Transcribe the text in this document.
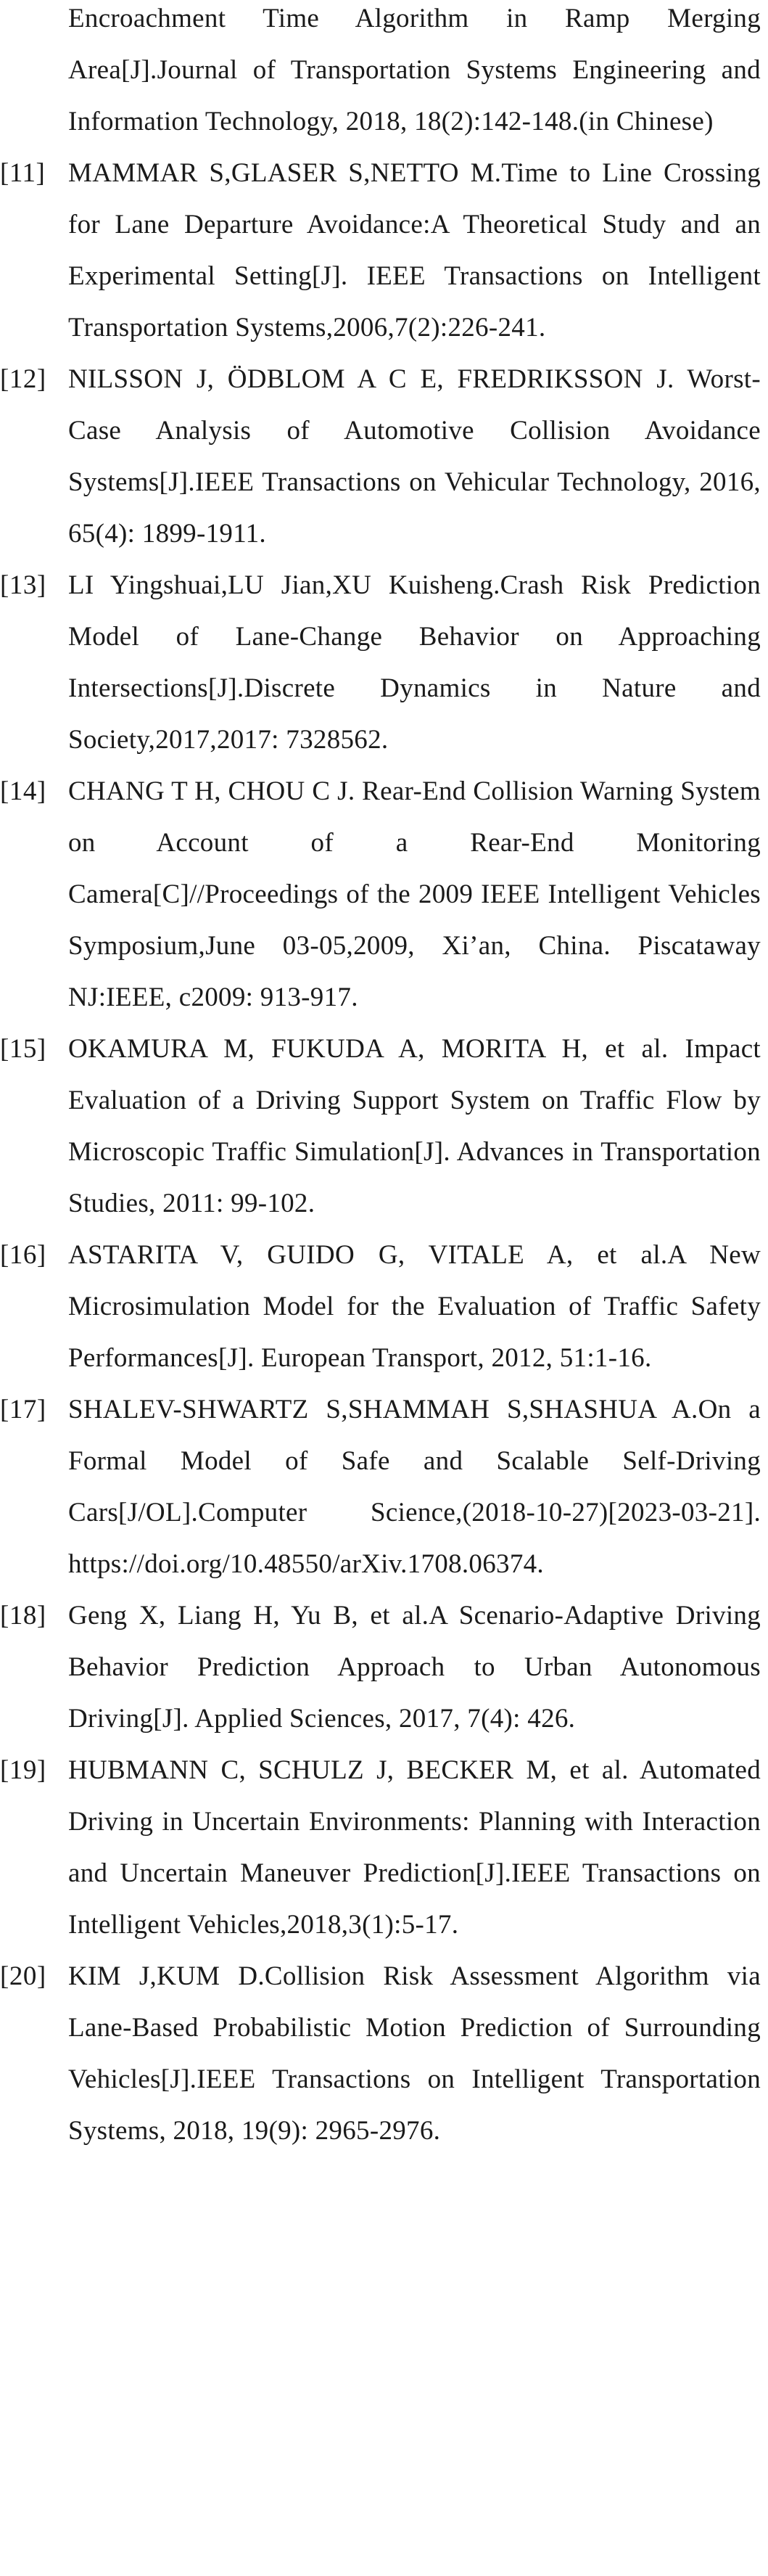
Encroachment Time Algorithm in Ramp Merging Area[J].Journal of Transportation Systems Engineering and Information Technology, 2018, 18(2):142-148.(in Chinese)
[11] MAMMAR S,GLASER S,NETTO M.Time to Line Crossing for Lane Departure Avoidance:A Theoretical Study and an Experimental Setting[J]. IEEE Transactions on Intelligent Transportation Systems,2006,7(2):226-241.
[12] NILSSON J, ÖDBLOM A C E, FREDRIKSSON J. Worst-Case Analysis of Automotive Collision Avoidance Systems[J].IEEE Transactions on Vehicular Technology, 2016, 65(4): 1899-1911.
[13] LI Yingshuai,LU Jian,XU Kuisheng.Crash Risk Prediction Model of Lane-Change Behavior on Approaching Intersections[J].Discrete Dynamics in Nature and Society,2017,2017: 7328562.
[14] CHANG T H, CHOU C J. Rear-End Collision Warning System on Account of a Rear-End Monitoring Camera[C]//Proceedings of the 2009 IEEE Intelligent Vehicles Symposium,June 03-05,2009, Xi’an, China. Piscataway NJ:IEEE, c2009: 913-917.
[15] OKAMURA M, FUKUDA A, MORITA H, et al. Impact Evaluation of a Driving Support System on Traffic Flow by Microscopic Traffic Simulation[J]. Advances in Transportation Studies, 2011: 99-102.
[16] ASTARITA V, GUIDO G, VITALE A, et al.A New Microsimulation Model for the Evaluation of Traffic Safety Performances[J]. European Transport, 2012, 51:1-16.
[17] SHALEV-SHWARTZ S,SHAMMAH S,SHASHUA A.On a Formal Model of Safe and Scalable Self-Driving Cars[J/OL].Computer Science,(2018-10-27)[2023-03-21]. https://doi.org/10.48550/arXiv.1708.06374.
[18] Geng X, Liang H, Yu B, et al.A Scenario-Adaptive Driving Behavior Prediction Approach to Urban Autonomous Driving[J]. Applied Sciences, 2017, 7(4): 426.
[19] HUBMANN C, SCHULZ J, BECKER M, et al. Automated Driving in Uncertain Environments: Planning with Interaction and Uncertain Maneuver Prediction[J].IEEE Transactions on Intelligent Vehicles,2018,3(1):5-17.
[20] KIM J,KUM D.Collision Risk Assessment Algorithm via Lane-Based Probabilistic Motion Prediction of Surrounding Vehicles[J].IEEE Transactions on Intelligent Transportation Systems, 2018, 19(9): 2965-2976.
